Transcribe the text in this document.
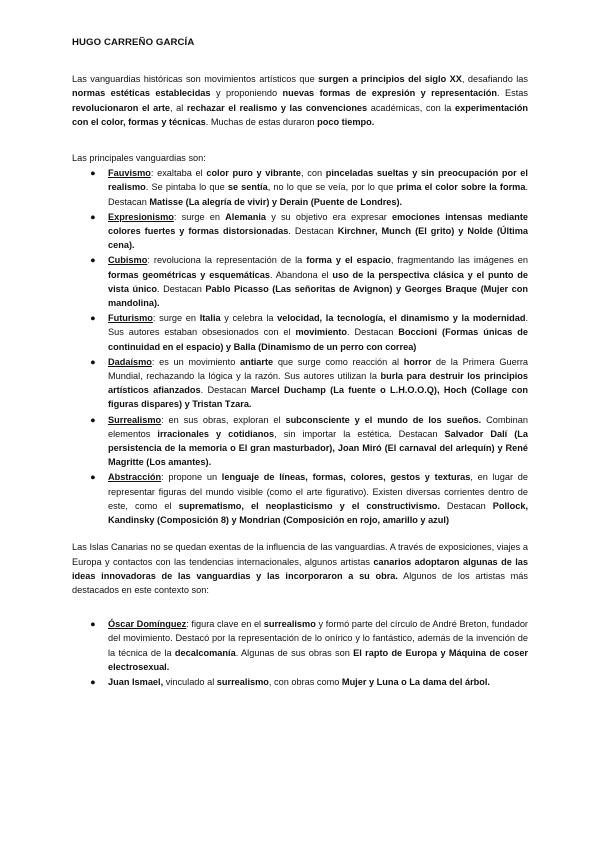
HUGO CARREÑO GARCÍA

Las vanguardias históricas son movimientos artísticos que surgen a principios del siglo XX, desafiando las normas estéticas establecidas y proponiendo nuevas formas de expresión y representación. Estas revolucionaron el arte, al rechazar el realismo y las convenciones académicas, con la experimentación con el color, formas y técnicas. Muchas de estas duraron poco tiempo.

Las principales vanguardias son:

● Fauvismo: exaltaba el color puro y vibrante, con pinceladas sueltas y sin preocupación por el realismo. Se pintaba lo que se sentía, no lo que se veía, por lo que prima el color sobre la forma. Destacan Matisse (La alegría de vivir) y Derain (Puente de Londres).
● Expresionismo: surge en Alemania y su objetivo era expresar emociones intensas mediante colores fuertes y formas distorsionadas. Destacan Kirchner, Munch (El grito) y Nolde (Última cena).
● Cubismo: revoluciona la representación de la forma y el espacio, fragmentando las imágenes en formas geométricas y esquemáticas. Abandona el uso de la perspectiva clásica y el punto de vista único. Destacan Pablo Picasso (Las señoritas de Avignon) y Georges Braque (Mujer con mandolina).
● Futurismo: surge en Italia y celebra la velocidad, la tecnología, el dinamismo y la modernidad. Sus autores estaban obsesionados con el movimiento. Destacan Boccioni (Formas únicas de continuidad en el espacio) y Balla (Dinamismo de un perro con correa)
● Dadaísmo: es un movimiento antiarte que surge como reacción al horror de la Primera Guerra Mundial, rechazando la lógica y la razón. Sus autores utilizan la burla para destruir los principios artísticos afianzados. Destacan Marcel Duchamp (La fuente o L.H.O.O.Q), Hoch (Collage con figuras dispares) y Tristan Tzara.
● Surrealismo: en sus obras, exploran el subconsciente y el mundo de los sueños. Combinan elementos irracionales y cotidianos, sin importar la estética. Destacan Salvador Dalí (La persistencia de la memoria o El gran masturbador), Joan Miró (El carnaval del arlequín) y René Magritte (Los amantes).
● Abstracción: propone un lenguaje de líneas, formas, colores, gestos y texturas, en lugar de representar figuras del mundo visible (como el arte figurativo). Existen diversas corrientes dentro de este, como el suprematismo, el neoplasticismo y el constructivismo. Destacan Pollock, Kandinsky (Composición 8) y Mondrian (Composición en rojo, amarillo y azul)

Las Islas Canarias no se quedan exentas de la influencia de las vanguardias. A través de exposiciones, viajes a Europa y contactos con las tendencias internacionales, algunos artistas canarios adoptaron algunas de las ideas innovadoras de las vanguardias y las incorporaron a su obra. Algunos de los artistas más destacados en este contexto son:

● Óscar Domínguez: figura clave en el surrealismo y formó parte del círculo de André Breton, fundador del movimiento. Destacó por la representación de lo onírico y lo fantástico, además de la invención de la técnica de la decalcomanía. Algunas de sus obras son El rapto de Europa y Máquina de coser electrosexual.
● Juan Ismael, vinculado al surrealismo, con obras como Mujer y Luna o La dama del árbol.
